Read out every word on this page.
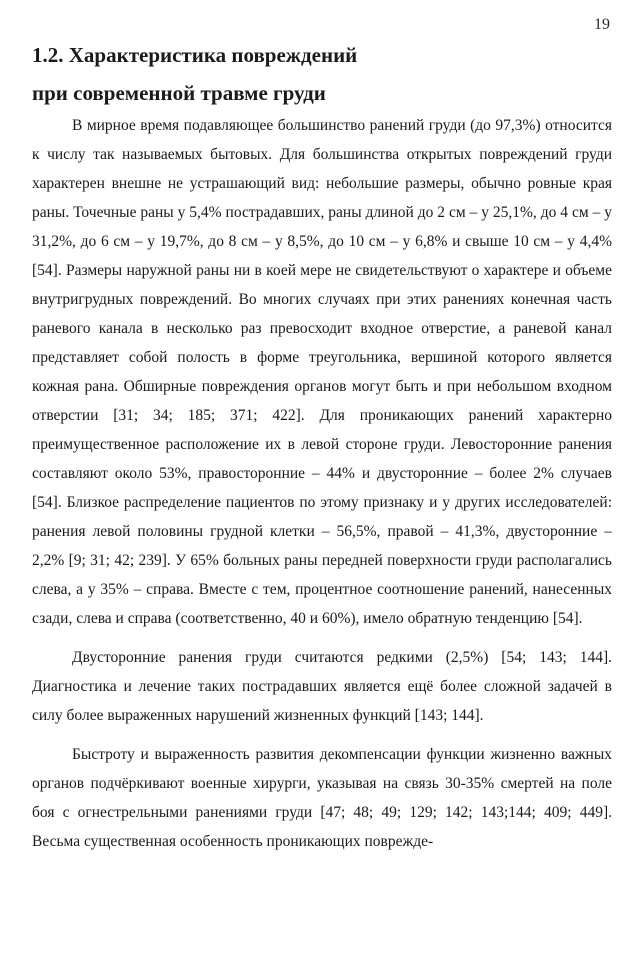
19
1.2. Характеристика повреждений
при современной травме груди

В мирное время подавляющее большинство ранений груди (до 97,3%) относится к числу так называемых бытовых. Для большинства открытых повреждений груди характерен внешне не устрашающий вид: небольшие размеры, обычно ровные края раны. Точечные раны у 5,4% пострадавших, раны длиной до 2 см – у 25,1%, до 4 см – у 31,2%, до 6 см – у 19,7%, до 8 см – у 8,5%, до 10 см – у 6,8% и свыше 10 см – у 4,4% [54]. Размеры наружной раны ни в коей мере не свидетельствуют о характере и объеме внутригрудных повреждений. Во многих случаях при этих ранениях конечная часть раневого канала в несколько раз превосходит входное отверстие, а раневой канал представляет собой полость в форме треугольника, вершиной которого является кожная рана. Обширные повреждения органов могут быть и при небольшом входном отверстии [31; 34; 185; 371; 422]. Для проникающих ранений характерно преимущественное расположение их в левой стороне груди. Левосторонние ранения составляют около 53%, правосторонние – 44% и двусторонние – более 2% случаев [54]. Близкое распределение пациентов по этому признаку и у других исследователей: ранения левой половины грудной клетки – 56,5%, правой – 41,3%, двусторонние – 2,2% [9; 31; 42; 239]. У 65% больных раны передней поверхности груди располагались слева, а у 35% – справа. Вместе с тем, процентное соотношение ранений, нанесенных сзади, слева и справа (соответственно, 40 и 60%), имело обратную тенденцию [54].

Двусторонние ранения груди считаются редкими (2,5%) [54; 143; 144]. Диагностика и лечение таких пострадавших является ещё более сложной задачей в силу более выраженных нарушений жизненных функций [143; 144].

Быстроту и выраженность развития декомпенсации функции жизненно важных органов подчёркивают военные хирурги, указывая на связь 30-35% смертей на поле боя с огнестрельными ранениями груди [47; 48; 49; 129; 142; 143;144; 409; 449]. Весьма существенная особенность проникающих поврежде-
